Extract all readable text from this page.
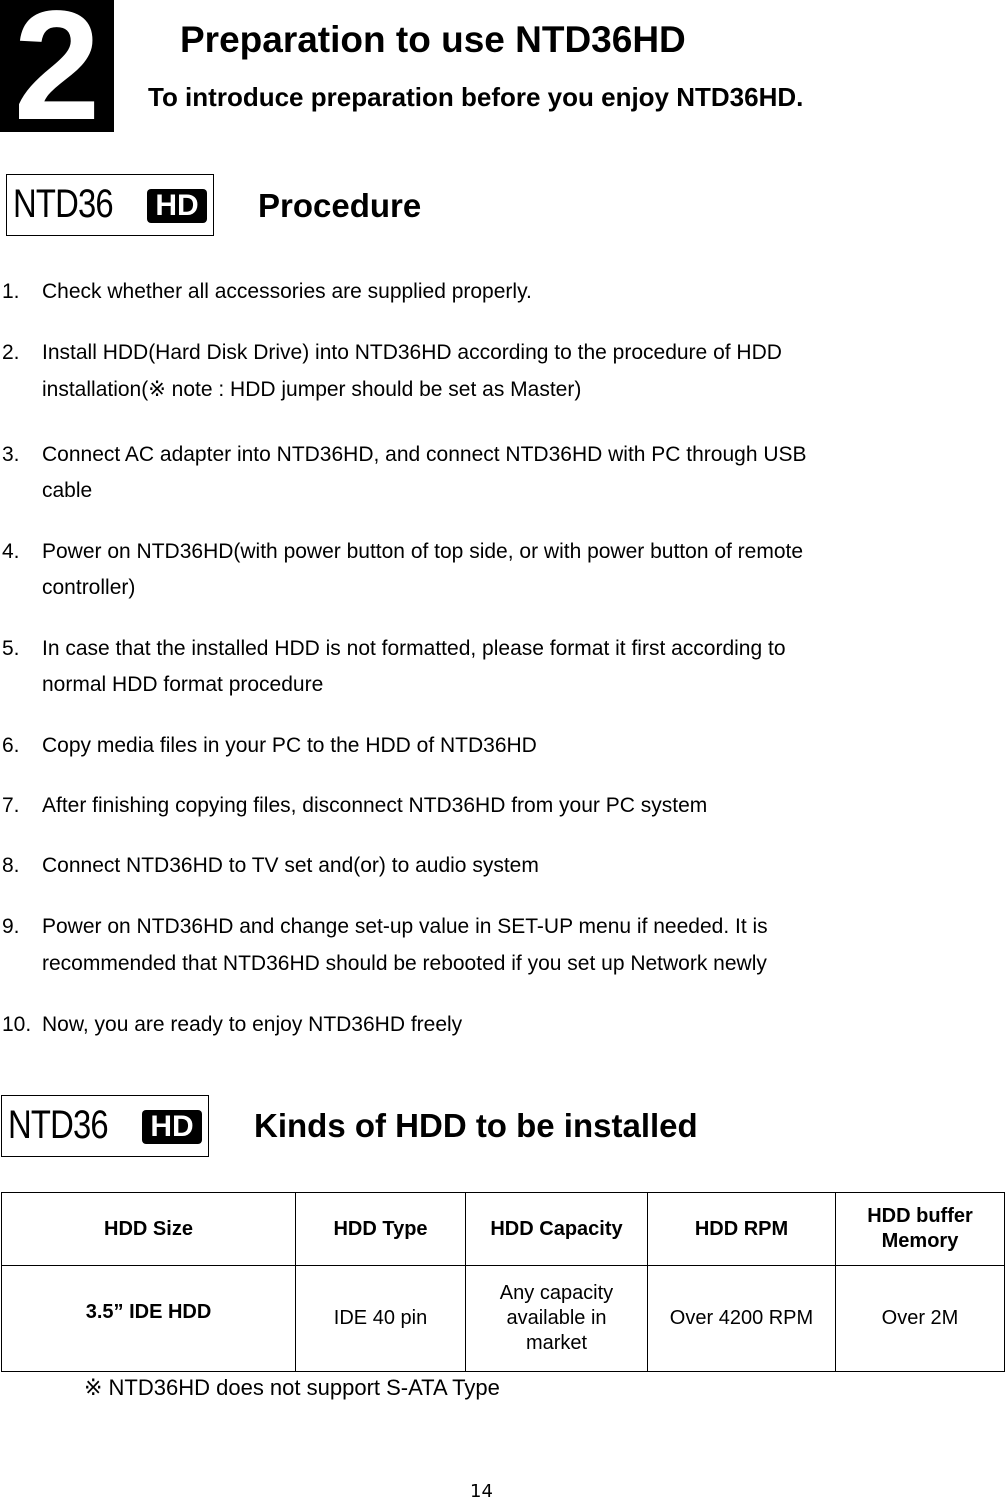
2	Preparation to use NTD36HD
To introduce preparation before you enjoy NTD36HD.
NTD36 HD Procedure
1. Check whether all accessories are supplied properly.
2. Install HDD(Hard Disk Drive) into NTD36HD according to the procedure of HDD
installation(※ note : HDD jumper should be set as Master)
3. Connect AC adapter into NTD36HD, and connect NTD36HD with PC through USB
cable
4. Power on NTD36HD(with power button of top side, or with power button of remote
controller)
5. In case that the installed HDD is not formatted, please format it first according to
normal HDD format procedure
6. Copy media files in your PC to the HDD of NTD36HD
7. After finishing copying files, disconnect NTD36HD from your PC system
8. Connect NTD36HD to TV set and(or) to audio system
9. Power on NTD36HD and change set-up value in SET-UP menu if needed. It is
recommended that NTD36HD should be rebooted if you set up Network newly
10. Now, you are ready to enjoy NTD36HD freely
NTD36 HD Kinds of HDD to be installed
HDD Size	HDD Type	HDD Capacity	HDD RPM	HDD buffer Memory
3.5” IDE HDD	IDE 40 pin	Any capacity available in market	Over 4200 RPM	Over 2M
※ NTD36HD does not support S-ATA Type
14
